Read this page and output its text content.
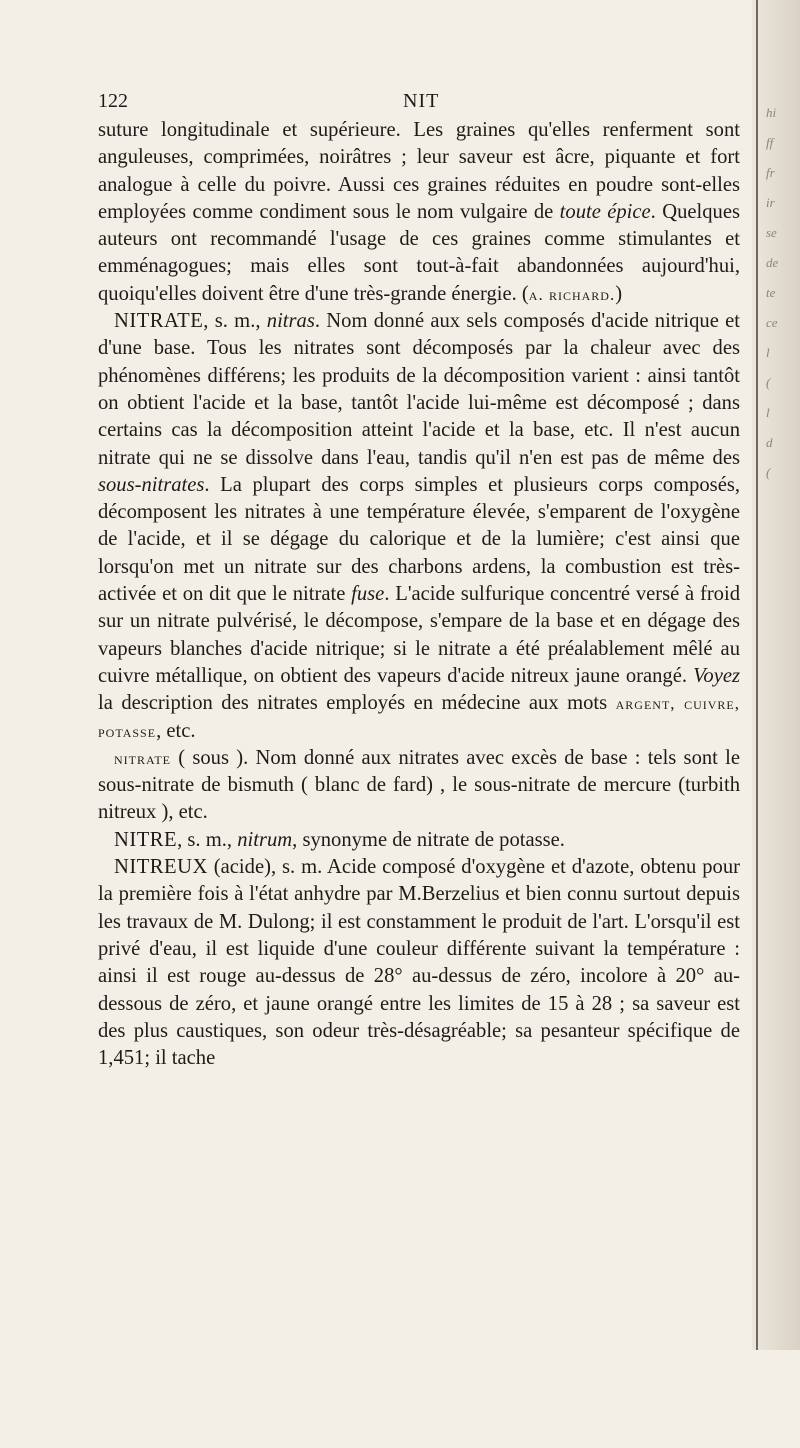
hi
ff
fr
ir
se
de
te
ce
l
(
l
d
(
122	NIT

suture longitudinale et supérieure. Les graines qu'elles renferment sont anguleuses, comprimées, noirâtres ; leur saveur est âcre, piquante et fort analogue à celle du poivre. Aussi ces graines réduites en poudre sont-elles employées comme condiment sous le nom vulgaire de toute épice. Quelques auteurs ont recommandé l'usage de ces graines comme stimulantes et emménagogues; mais elles sont tout-à-fait abandonnées aujourd'hui, quoiqu'elles doivent être d'une très-grande énergie. (a. richard.)

NITRATE, s. m., nitras. Nom donné aux sels composés d'acide nitrique et d'une base. Tous les nitrates sont décomposés par la chaleur avec des phénomènes différens; les produits de la décomposition varient : ainsi tantôt on obtient l'acide et la base, tantôt l'acide lui-même est décomposé ; dans certains cas la décomposition atteint l'acide et la base, etc. Il n'est aucun nitrate qui ne se dissolve dans l'eau, tandis qu'il n'en est pas de même des sous-nitrates. La plupart des corps simples et plusieurs corps composés, décomposent les nitrates à une température élevée, s'emparent de l'oxygène de l'acide, et il se dégage du calorique et de la lumière; c'est ainsi que lorsqu'on met un nitrate sur des charbons ardens, la combustion est très-activée et on dit que le nitrate fuse. L'acide sulfurique concentré versé à froid sur un nitrate pulvérisé, le décompose, s'empare de la base et en dégage des vapeurs blanches d'acide nitrique; si le nitrate a été préalablement mêlé au cuivre métallique, on obtient des vapeurs d'acide nitreux jaune orangé. Voyez la description des nitrates employés en médecine aux mots argent, cuivre, potasse, etc.

nitrate ( sous ). Nom donné aux nitrates avec excès de base : tels sont le sous-nitrate de bismuth ( blanc de fard) , le sous-nitrate de mercure (turbith nitreux ), etc.

NITRE, s. m., nitrum, synonyme de nitrate de potasse.

NITREUX (acide), s. m. Acide composé d'oxygène et d'azote, obtenu pour la première fois à l'état anhydre par M.Berzelius et bien connu surtout depuis les travaux de M. Dulong; il est constamment le produit de l'art. L'orsqu'il est privé d'eau, il est liquide d'une couleur différente suivant la température : ainsi il est rouge au-dessus de 28° au-dessus de zéro, incolore à 20° au-dessous de zéro, et jaune orangé entre les limites de 15 à 28 ; sa saveur est des plus caustiques, son odeur très-désagréable; sa pesanteur spécifique de 1,451; il tache
